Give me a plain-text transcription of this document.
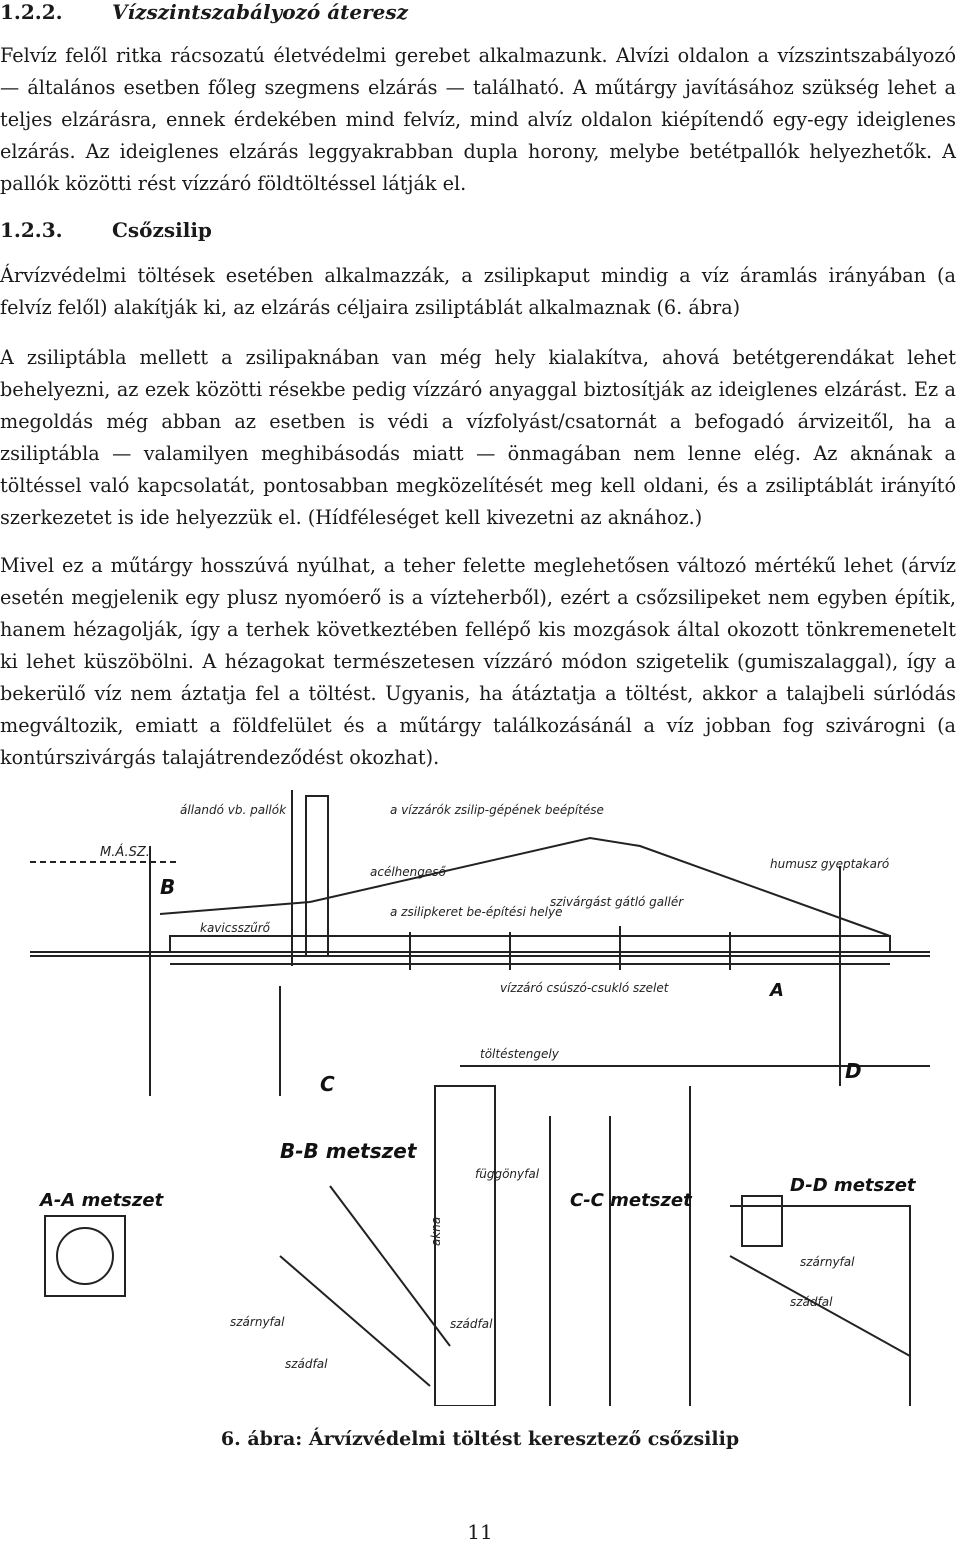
1.2.2. Vízszintszabályozó áteresz

Felvíz felől ritka rácsozatú életvédelmi gerebet alkalmazunk. Alvízi oldalon a vízszintszabályozó — általános esetben főleg szegmens elzárás — található. A műtárgy javításához szükség lehet a teljes elzárásra, ennek érdekében mind felvíz, mind alvíz oldalon kiépítendő egy-egy ideiglenes elzárás. Az ideiglenes elzárás leggyakrabban dupla horony, melybe betétpallók helyezhetők. A pallók közötti rést vízzáró földtöltéssel látják el.

1.2.3. Csőzsilip

Árvízvédelmi töltések esetében alkalmazzák, a zsilipkaput mindig a víz áramlás irányában (a felvíz felől) alakítják ki, az elzárás céljaira zsiliptáblát alkalmaznak (6. ábra)

A zsiliptábla mellett a zsilipaknában van még hely kialakítva, ahová betétgerendákat lehet behelyezni, az ezek közötti résekbe pedig vízzáró anyaggal biztosítják az ideiglenes elzárást. Ez a megoldás még abban az esetben is védi a vízfolyást/csatornát a befogadó árvizeitől, ha a zsiliptábla — valamilyen meghibásodás miatt — önmagában nem lenne elég. Az aknának a töltéssel való kapcsolatát, pontosabban megközelítését meg kell oldani, és a zsiliptáblát irányító szerkezetet is ide helyezzük el. (Hídféleséget kell kivezetni az aknához.)

Mivel ez a műtárgy hosszúvá nyúlhat, a teher felette meglehetősen változó mértékű lehet (árvíz esetén megjelenik egy plusz nyomóerő is a vízteherből), ezért a csőzsilipeket nem egyben építik, hanem hézagolják, így a terhek következtében fellépő kis mozgások által okozott tönkremenetelt ki lehet küszöbölni. A hézagokat természetesen vízzáró módon szigetelik (gumiszalaggal), így a bekerülő víz nem áztatja fel a töltést. Ugyanis, ha átáztatja a töltést, akkor a talajbeli súrlódás megváltozik, emiatt a földfelület és a műtárgy találkozásánál a víz jobban fog szivárogni (a kontúrszivárgás talajátrendeződést okozhat).

állandó vb. pallók	a vízzárók zsilip-gépének beépítése
M.Á.SZ.
acélhengeső
a zsilipkeret be-építési helye
szivárgást gátló gallér
humusz gyeptakaró
kavicsszűrő
vízzáró csúszó-csukló szelet
töltéstengely
B
C
D
A
B-B metszet
A-A metszet	C-C metszet
D-D metszet
akna
függönyfal
szárnyfal
szádfal
szádfal
szárnyfal
szádfal
6. ábra: Árvízvédelmi töltést keresztező csőzsilip
11
